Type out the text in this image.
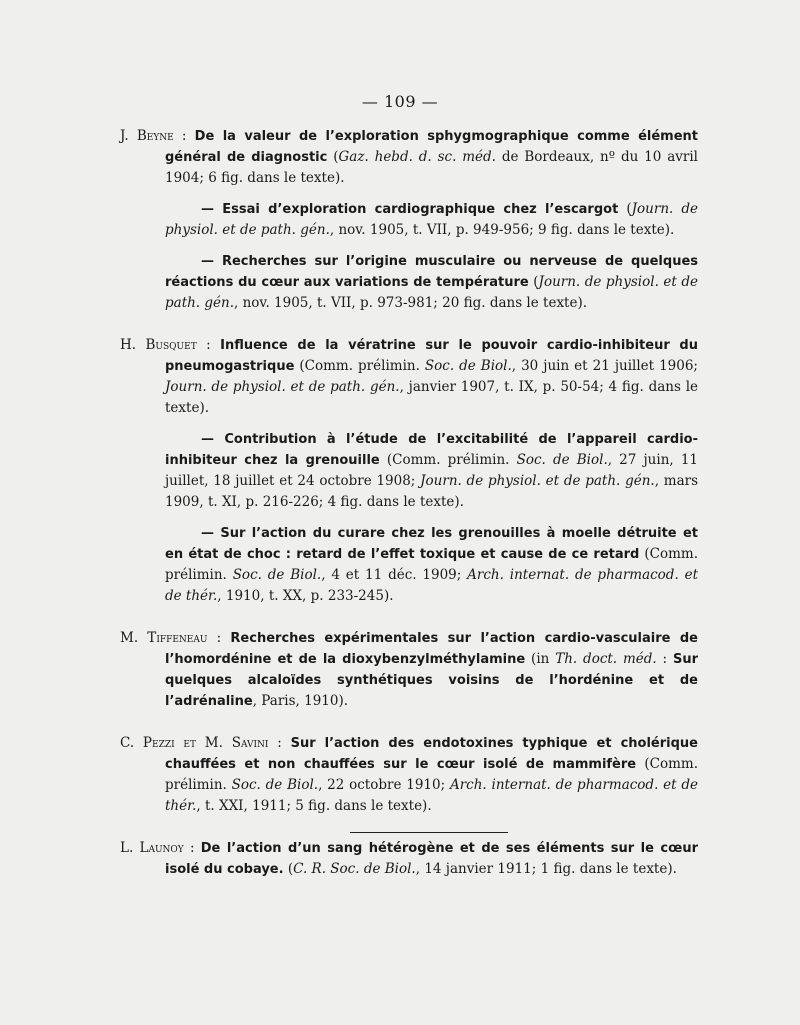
— 109 —

J. Beyne : De la valeur de l’exploration sphygmographique comme élément général de diagnostic (Gaz. hebd. d. sc. méd. de Bordeaux, nº du 10 avril 1904; 6 fig. dans le texte).

— Essai d’exploration cardiographique chez l’escargot (Journ. de physiol. et de path. gén., nov. 1905, t. VII, p. 949-956; 9 fig. dans le texte).

— Recherches sur l’origine musculaire ou nerveuse de quelques réactions du cœur aux variations de température (Journ. de physiol. et de path. gén., nov. 1905, t. VII, p. 973-981; 20 fig. dans le texte).

H. Busquet : Influence de la vératrine sur le pouvoir cardio-inhibiteur du pneumogastrique (Comm. prélimin. Soc. de Biol., 30 juin et 21 juillet 1906; Journ. de physiol. et de path. gén., janvier 1907, t. IX, p. 50-54; 4 fig. dans le texte).

— Contribution à l’étude de l’excitabilité de l’appareil cardio-inhibiteur chez la grenouille (Comm. prélimin. Soc. de Biol., 27 juin, 11 juillet, 18 juillet et 24 octobre 1908; Journ. de physiol. et de path. gén., mars 1909, t. XI, p. 216-226; 4 fig. dans le texte).

— Sur l’action du curare chez les grenouilles à moelle détruite et en état de choc : retard de l’effet toxique et cause de ce retard (Comm. prélimin. Soc. de Biol., 4 et 11 déc. 1909; Arch. internat. de pharmacod. et de thér., 1910, t. XX, p. 233-245).

M. Tiffeneau : Recherches expérimentales sur l’action cardio-vasculaire de l’homordénine et de la dioxybenzylméthylamine (in Th. doct. méd. : Sur quelques alcaloïdes synthétiques voisins de l’hordénine et de l’adrénaline, Paris, 1910).

C. Pezzi et M. Savini : Sur l’action des endotoxines typhique et cholérique chauffées et non chauffées sur le cœur isolé de mammifère (Comm. prélimin. Soc. de Biol., 22 octobre 1910; Arch. internat. de pharmacod. et de thér., t. XXI, 1911; 5 fig. dans le texte).

L. Launoy : De l’action d’un sang hétérogène et de ses éléments sur le cœur isolé du cobaye. (C. R. Soc. de Biol., 14 janvier 1911; 1 fig. dans le texte).
